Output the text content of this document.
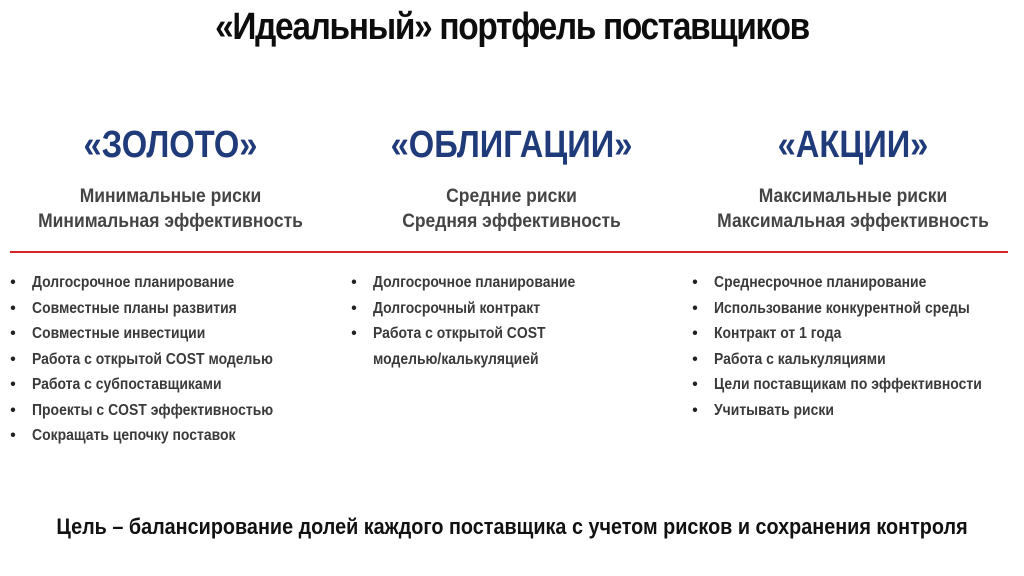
«Идеальный» портфель поставщиков
«ЗОЛОТО»
Минимальные риски
Минимальная эффективность
• Долгосрочное планирование
• Совместные планы развития
• Совместные инвестиции
• Работа с открытой COST моделью
• Работа с субпоставщиками
• Проекты с COST эффективностью
• Сокращать цепочку поставок
«ОБЛИГАЦИИ»
Средние риски
Средняя эффективность
• Долгосрочное планирование
• Долгосрочный контракт
• Работа с открытой COST
моделью/калькуляцией
«АКЦИИ»
Максимальные риски
Максимальная эффективность
• Среднесрочное планирование
• Использование конкурентной среды
• Контракт от 1 года
• Работа с калькуляциями
• Цели поставщикам по эффективности
• Учитывать риски
Цель – балансирование долей каждого поставщика с учетом рисков и сохранения контроля
